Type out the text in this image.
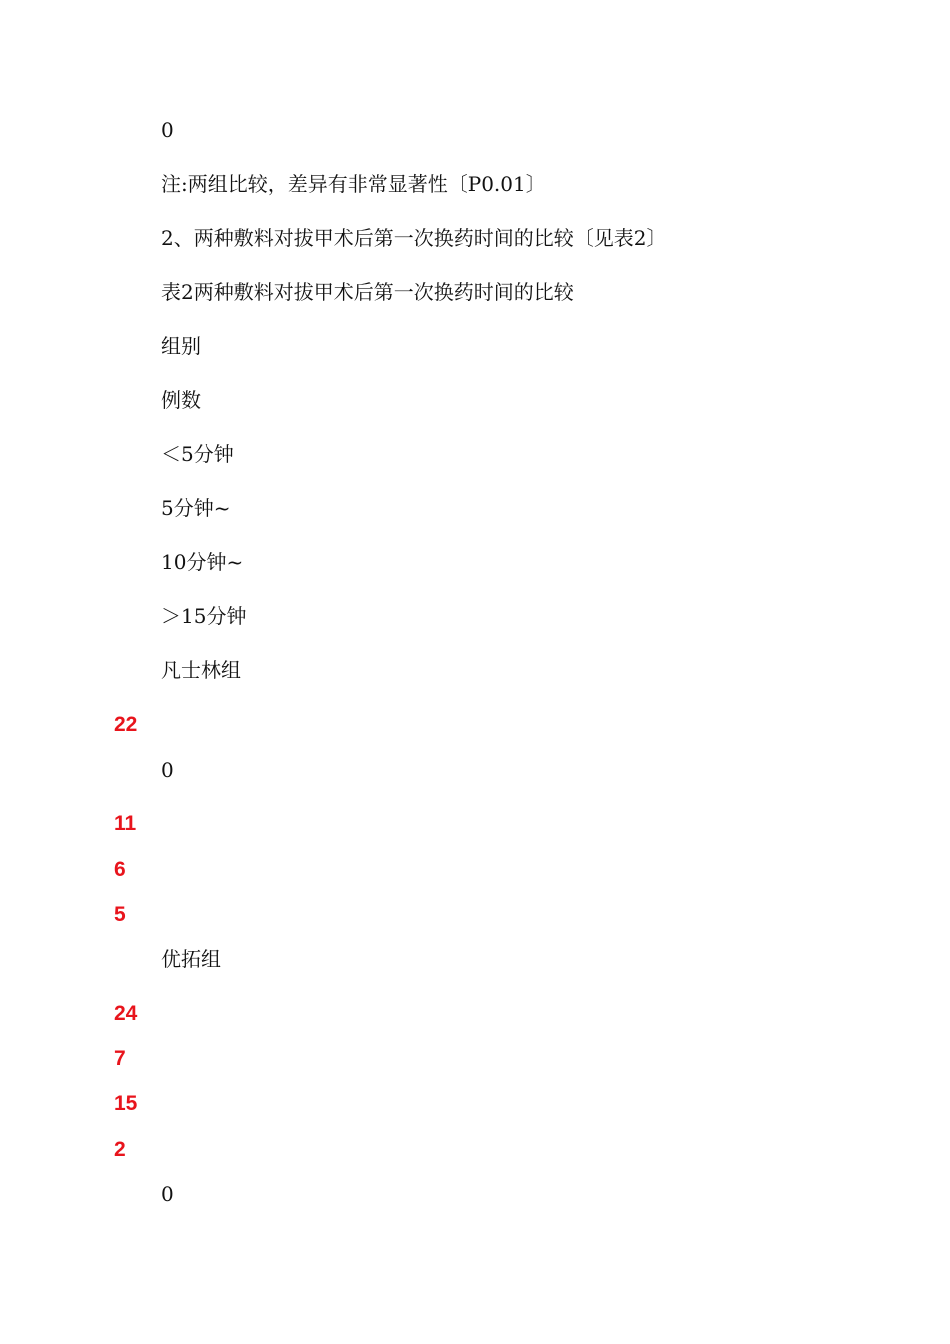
0
注:两组比较，差异有非常显著性〔P0.01〕
2、两种敷料对拔甲术后第一次换药时间的比较〔见表2〕
表2两种敷料对拔甲术后第一次换药时间的比较
组别
例数
＜5分钟
5分钟~
10分钟~
＞15分钟
凡士林组
22
0
11
6
5
优拓组
24
7
15
2
0
